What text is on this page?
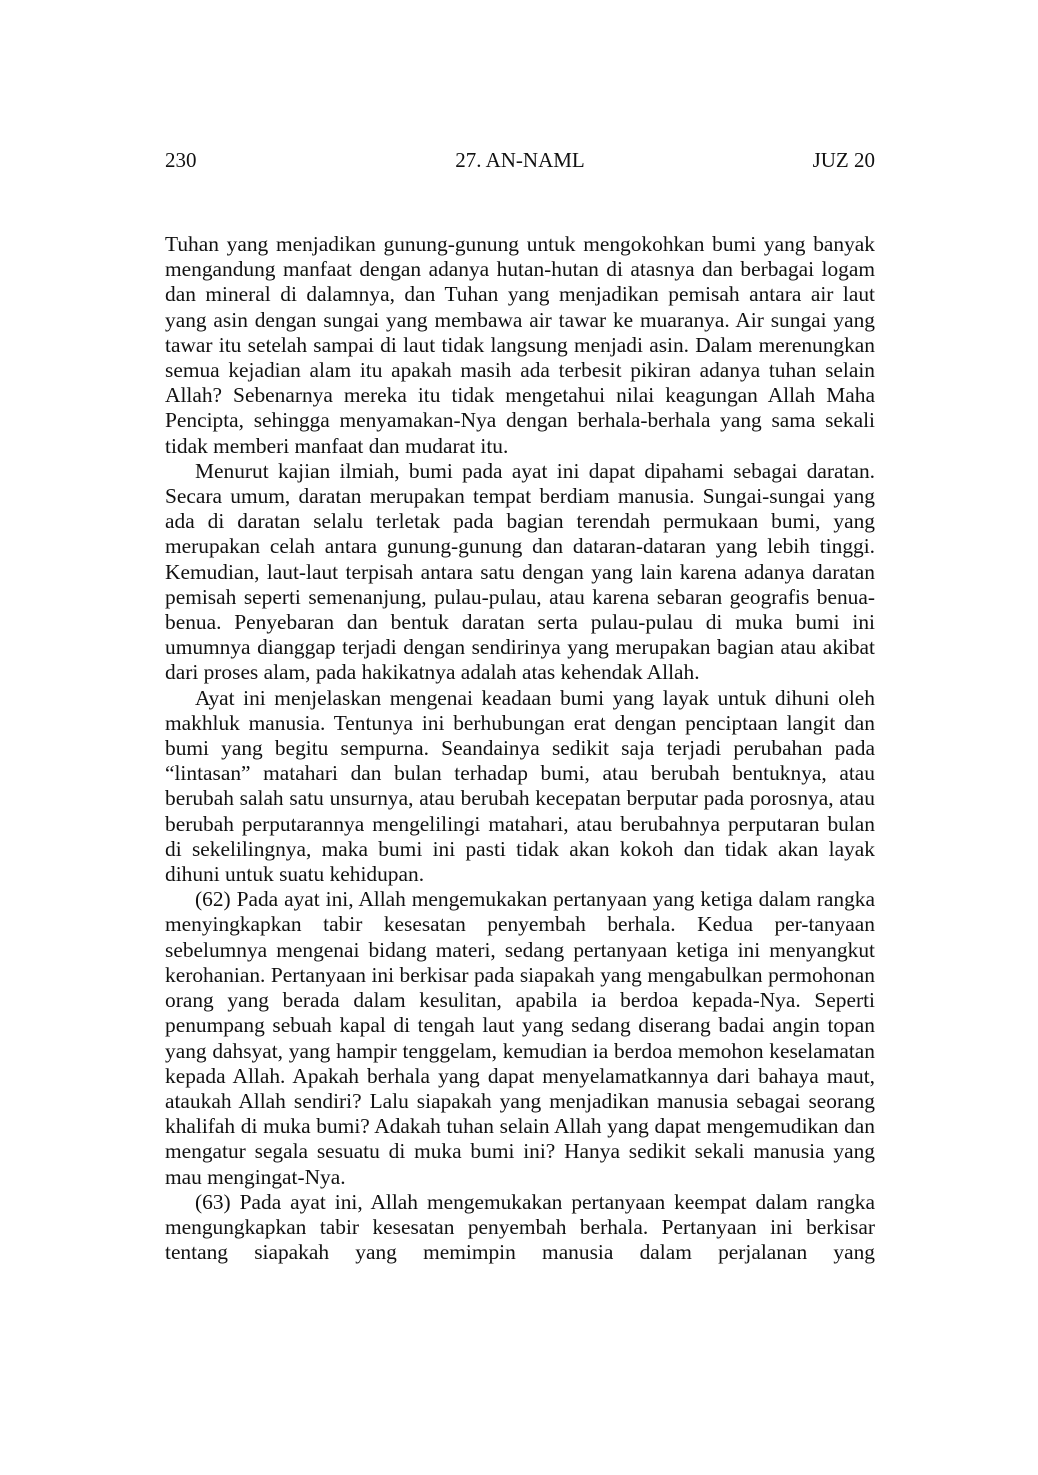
230	27. AN-NAML	JUZ 20

Tuhan yang menjadikan gunung-gunung untuk mengokohkan bumi yang banyak mengandung manfaat dengan adanya hutan-hutan di atasnya dan berbagai logam dan mineral di dalamnya, dan Tuhan yang menjadikan pemisah antara air laut yang asin dengan sungai yang membawa air tawar ke muaranya. Air sungai yang tawar itu setelah sampai di laut tidak langsung menjadi asin. Dalam merenungkan semua kejadian alam itu apakah masih ada terbesit pikiran adanya tuhan selain Allah? Sebenarnya mereka itu tidak mengetahui nilai keagungan Allah Maha Pencipta, sehingga menyamakan-Nya dengan berhala-berhala yang sama sekali tidak memberi manfaat dan mudarat itu.

Menurut kajian ilmiah, bumi pada ayat ini dapat dipahami sebagai daratan. Secara umum, daratan merupakan tempat berdiam manusia. Sungai-sungai yang ada di daratan selalu terletak pada bagian terendah permukaan bumi, yang merupakan celah antara gunung-gunung dan dataran-dataran yang lebih tinggi. Kemudian, laut-laut terpisah antara satu dengan yang lain karena adanya daratan pemisah seperti semenanjung, pulau-pulau, atau karena sebaran geografis benua-benua. Penyebaran dan bentuk daratan serta pulau-pulau di muka bumi ini umumnya dianggap terjadi dengan sendirinya yang merupakan bagian atau akibat dari proses alam, pada hakikatnya adalah atas kehendak Allah.

Ayat ini menjelaskan mengenai keadaan bumi yang layak untuk dihuni oleh makhluk manusia. Tentunya ini berhubungan erat dengan penciptaan langit dan bumi yang begitu sempurna. Seandainya sedikit saja terjadi perubahan pada “lintasan” matahari dan bulan terhadap bumi, atau berubah bentuknya, atau berubah salah satu unsurnya, atau berubah kecepatan berputar pada porosnya, atau berubah perputarannya mengelilingi matahari, atau berubahnya perputaran bulan di sekelilingnya, maka bumi ini pasti tidak akan kokoh dan tidak akan layak dihuni untuk suatu kehidupan.

(62) Pada ayat ini, Allah mengemukakan pertanyaan yang ketiga dalam rangka menyingkapkan tabir kesesatan penyembah berhala. Kedua per-tanyaan sebelumnya mengenai bidang materi, sedang pertanyaan ketiga ini menyangkut kerohanian. Pertanyaan ini berkisar pada siapakah yang mengabulkan permohonan orang yang berada dalam kesulitan, apabila ia berdoa kepada-Nya. Seperti penumpang sebuah kapal di tengah laut yang sedang diserang badai angin topan yang dahsyat, yang hampir tenggelam, kemudian ia berdoa memohon keselamatan kepada Allah. Apakah berhala yang dapat menyelamatkannya dari bahaya maut, ataukah Allah sendiri? Lalu siapakah yang menjadikan manusia sebagai seorang khalifah di muka bumi? Adakah tuhan selain Allah yang dapat mengemudikan dan mengatur segala sesuatu di muka bumi ini? Hanya sedikit sekali manusia yang mau mengingat-Nya.

(63) Pada ayat ini, Allah mengemukakan pertanyaan keempat dalam rangka mengungkapkan tabir kesesatan penyembah berhala. Pertanyaan ini berkisar tentang siapakah yang memimpin manusia dalam perjalanan yang
